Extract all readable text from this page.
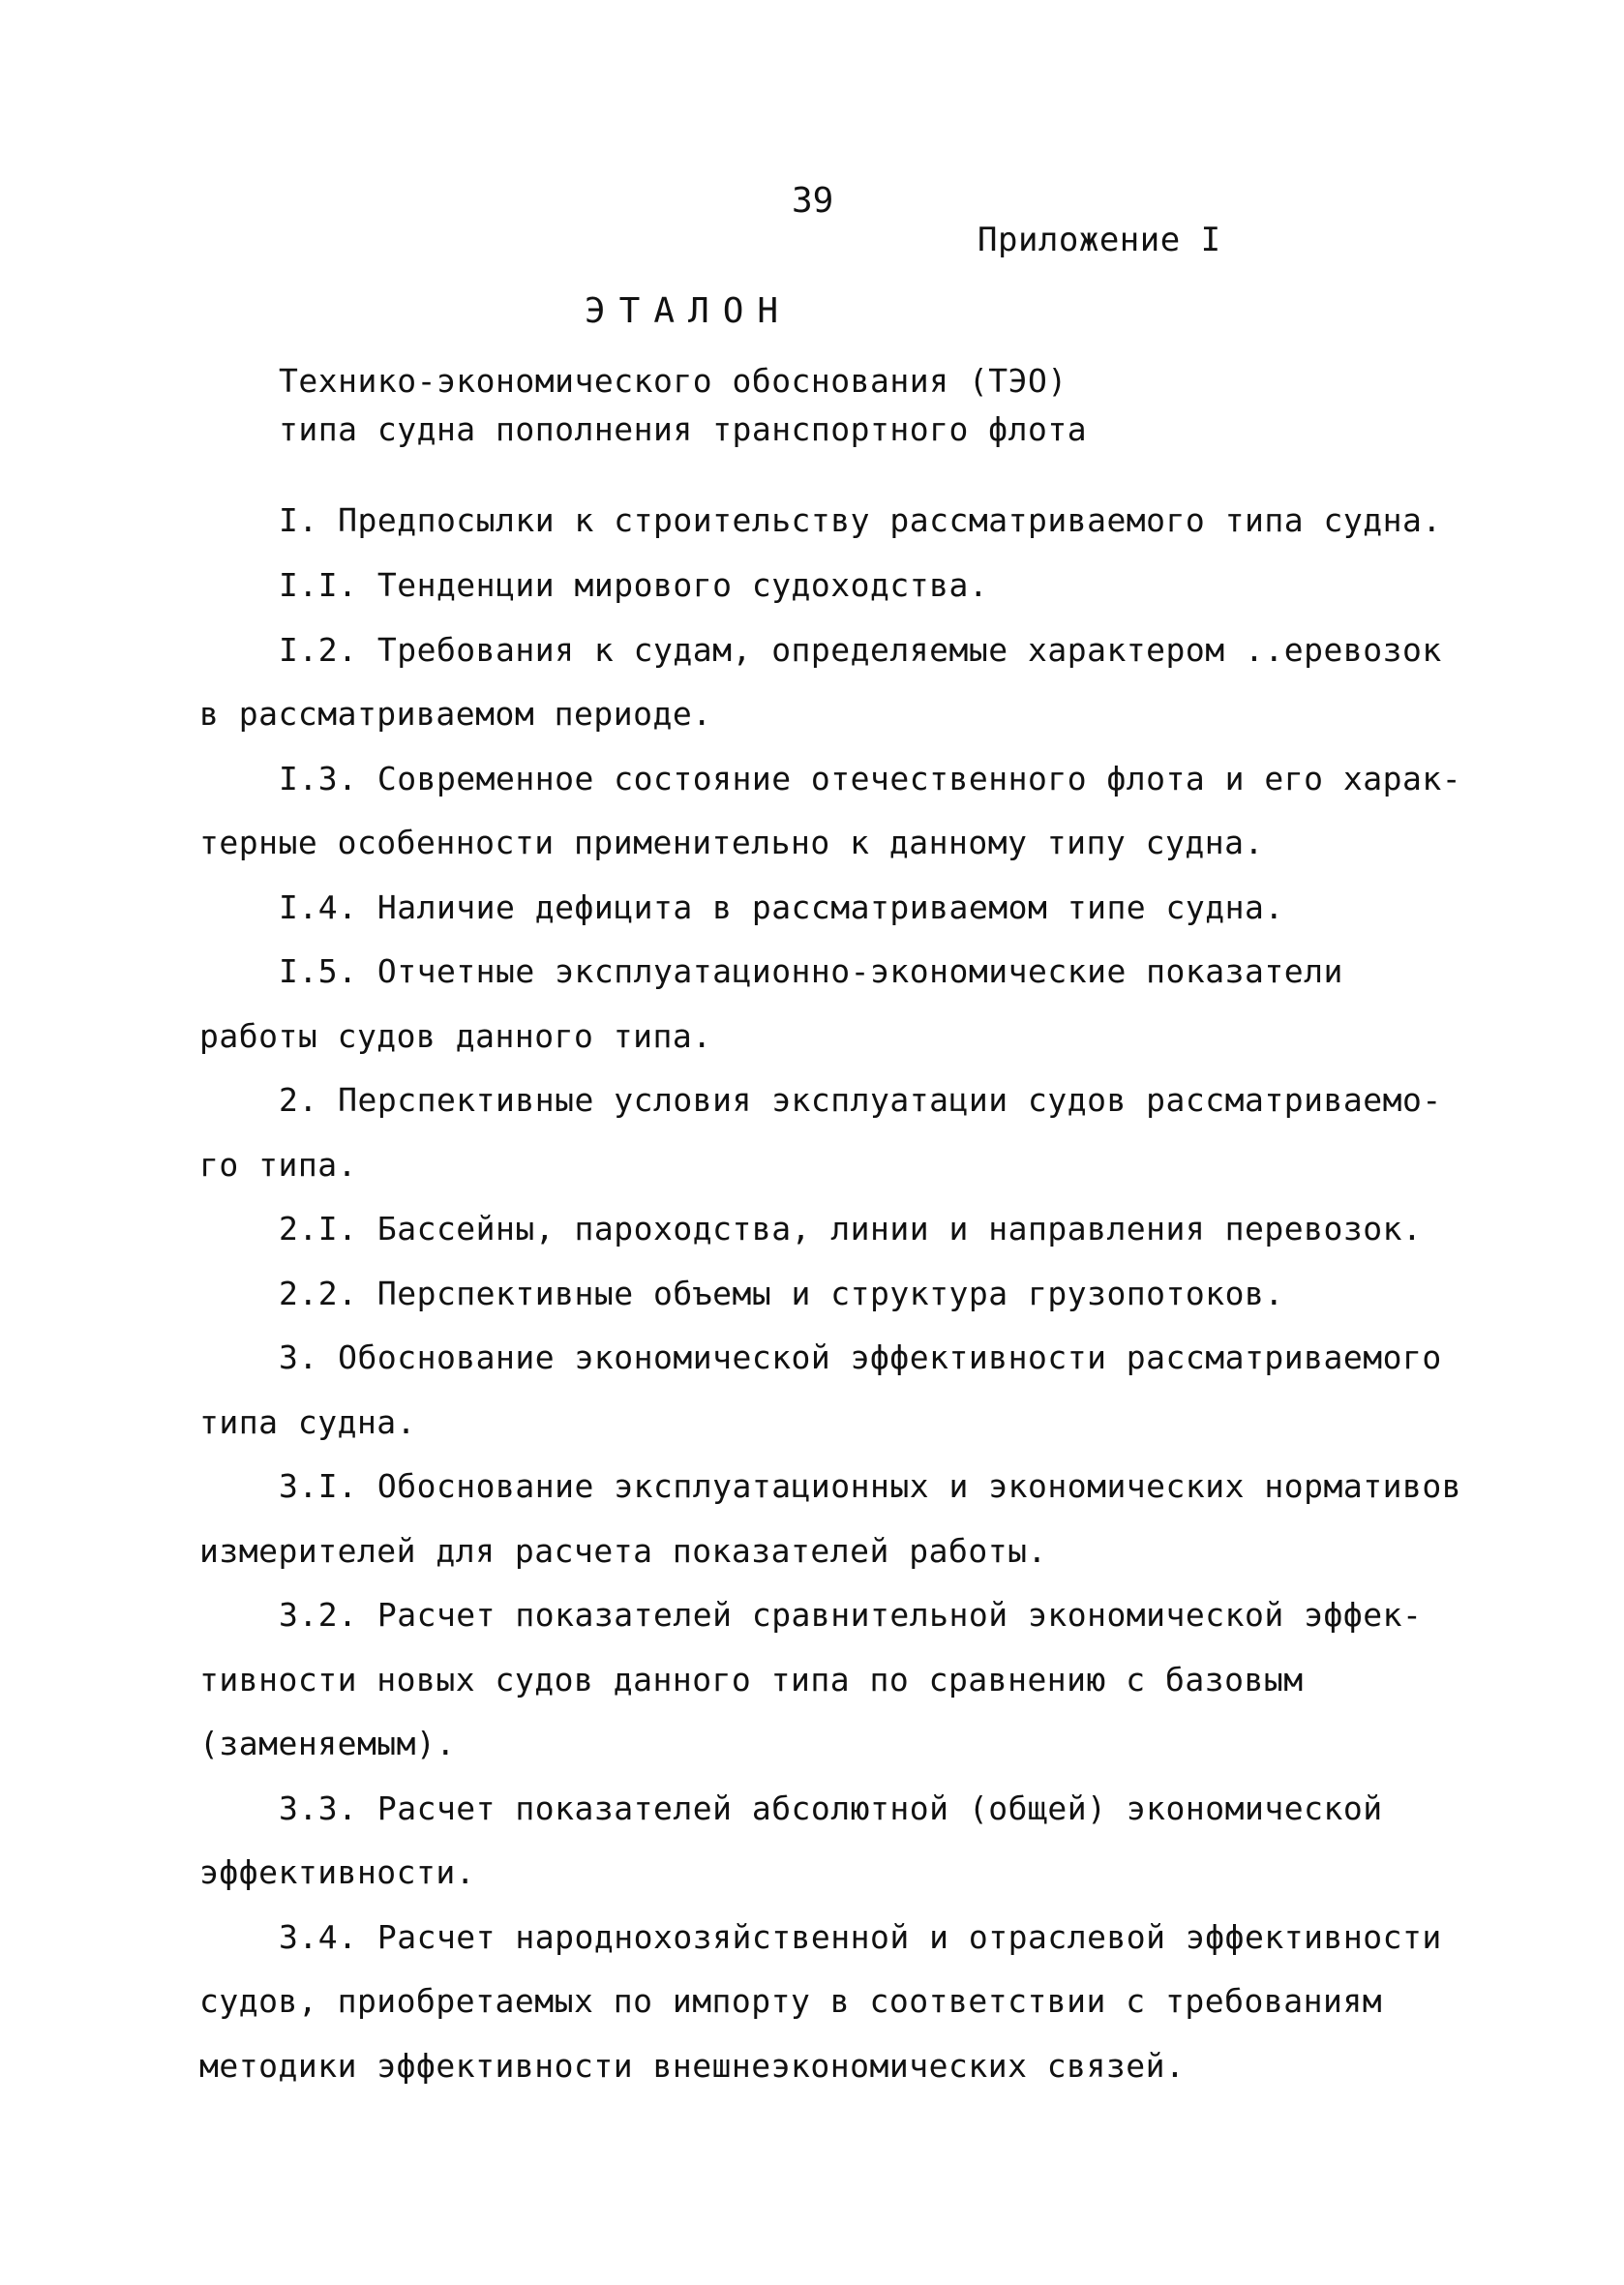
39
Приложение I
ЭТАЛОН
Технико-экономического обоснования (ТЭО)
типа судна пополнения транспортного флота
I. Предпосылки к строительству рассматриваемого типа судна.
I.I. Тенденции мирового судоходства.
I.2. Требования к судам, определяемые характером ..еревозок
в рассматриваемом периоде.
I.3. Современное состояние отечественного флота и его харак-
терные особенности применительно к данному типу судна.
I.4. Наличие дефицита в рассматриваемом типе судна.
I.5. Отчетные эксплуатационно-экономические показатели
работы судов данного типа.
2. Перспективные условия эксплуатации судов рассматриваемо-
го типа.
2.I. Бассейны, пароходства, линии и направления перевозок.
2.2. Перспективные объемы и структура грузопотоков.
3. Обоснование экономической эффективности рассматриваемого
типа судна.
3.I. Обоснование эксплуатационных и экономических нормативов
измерителей для расчета показателей работы.
3.2. Расчет показателей сравнительной экономической эффек-
тивности новых судов данного типа по сравнению с базовым
(заменяемым).
3.3. Расчет показателей абсолютной (общей) экономической
эффективности.
3.4. Расчет народнохозяйственной и отраслевой эффективности
судов, приобретаемых по импорту в соответствии с требованиям
методики эффективности внешнеэкономических связей.
